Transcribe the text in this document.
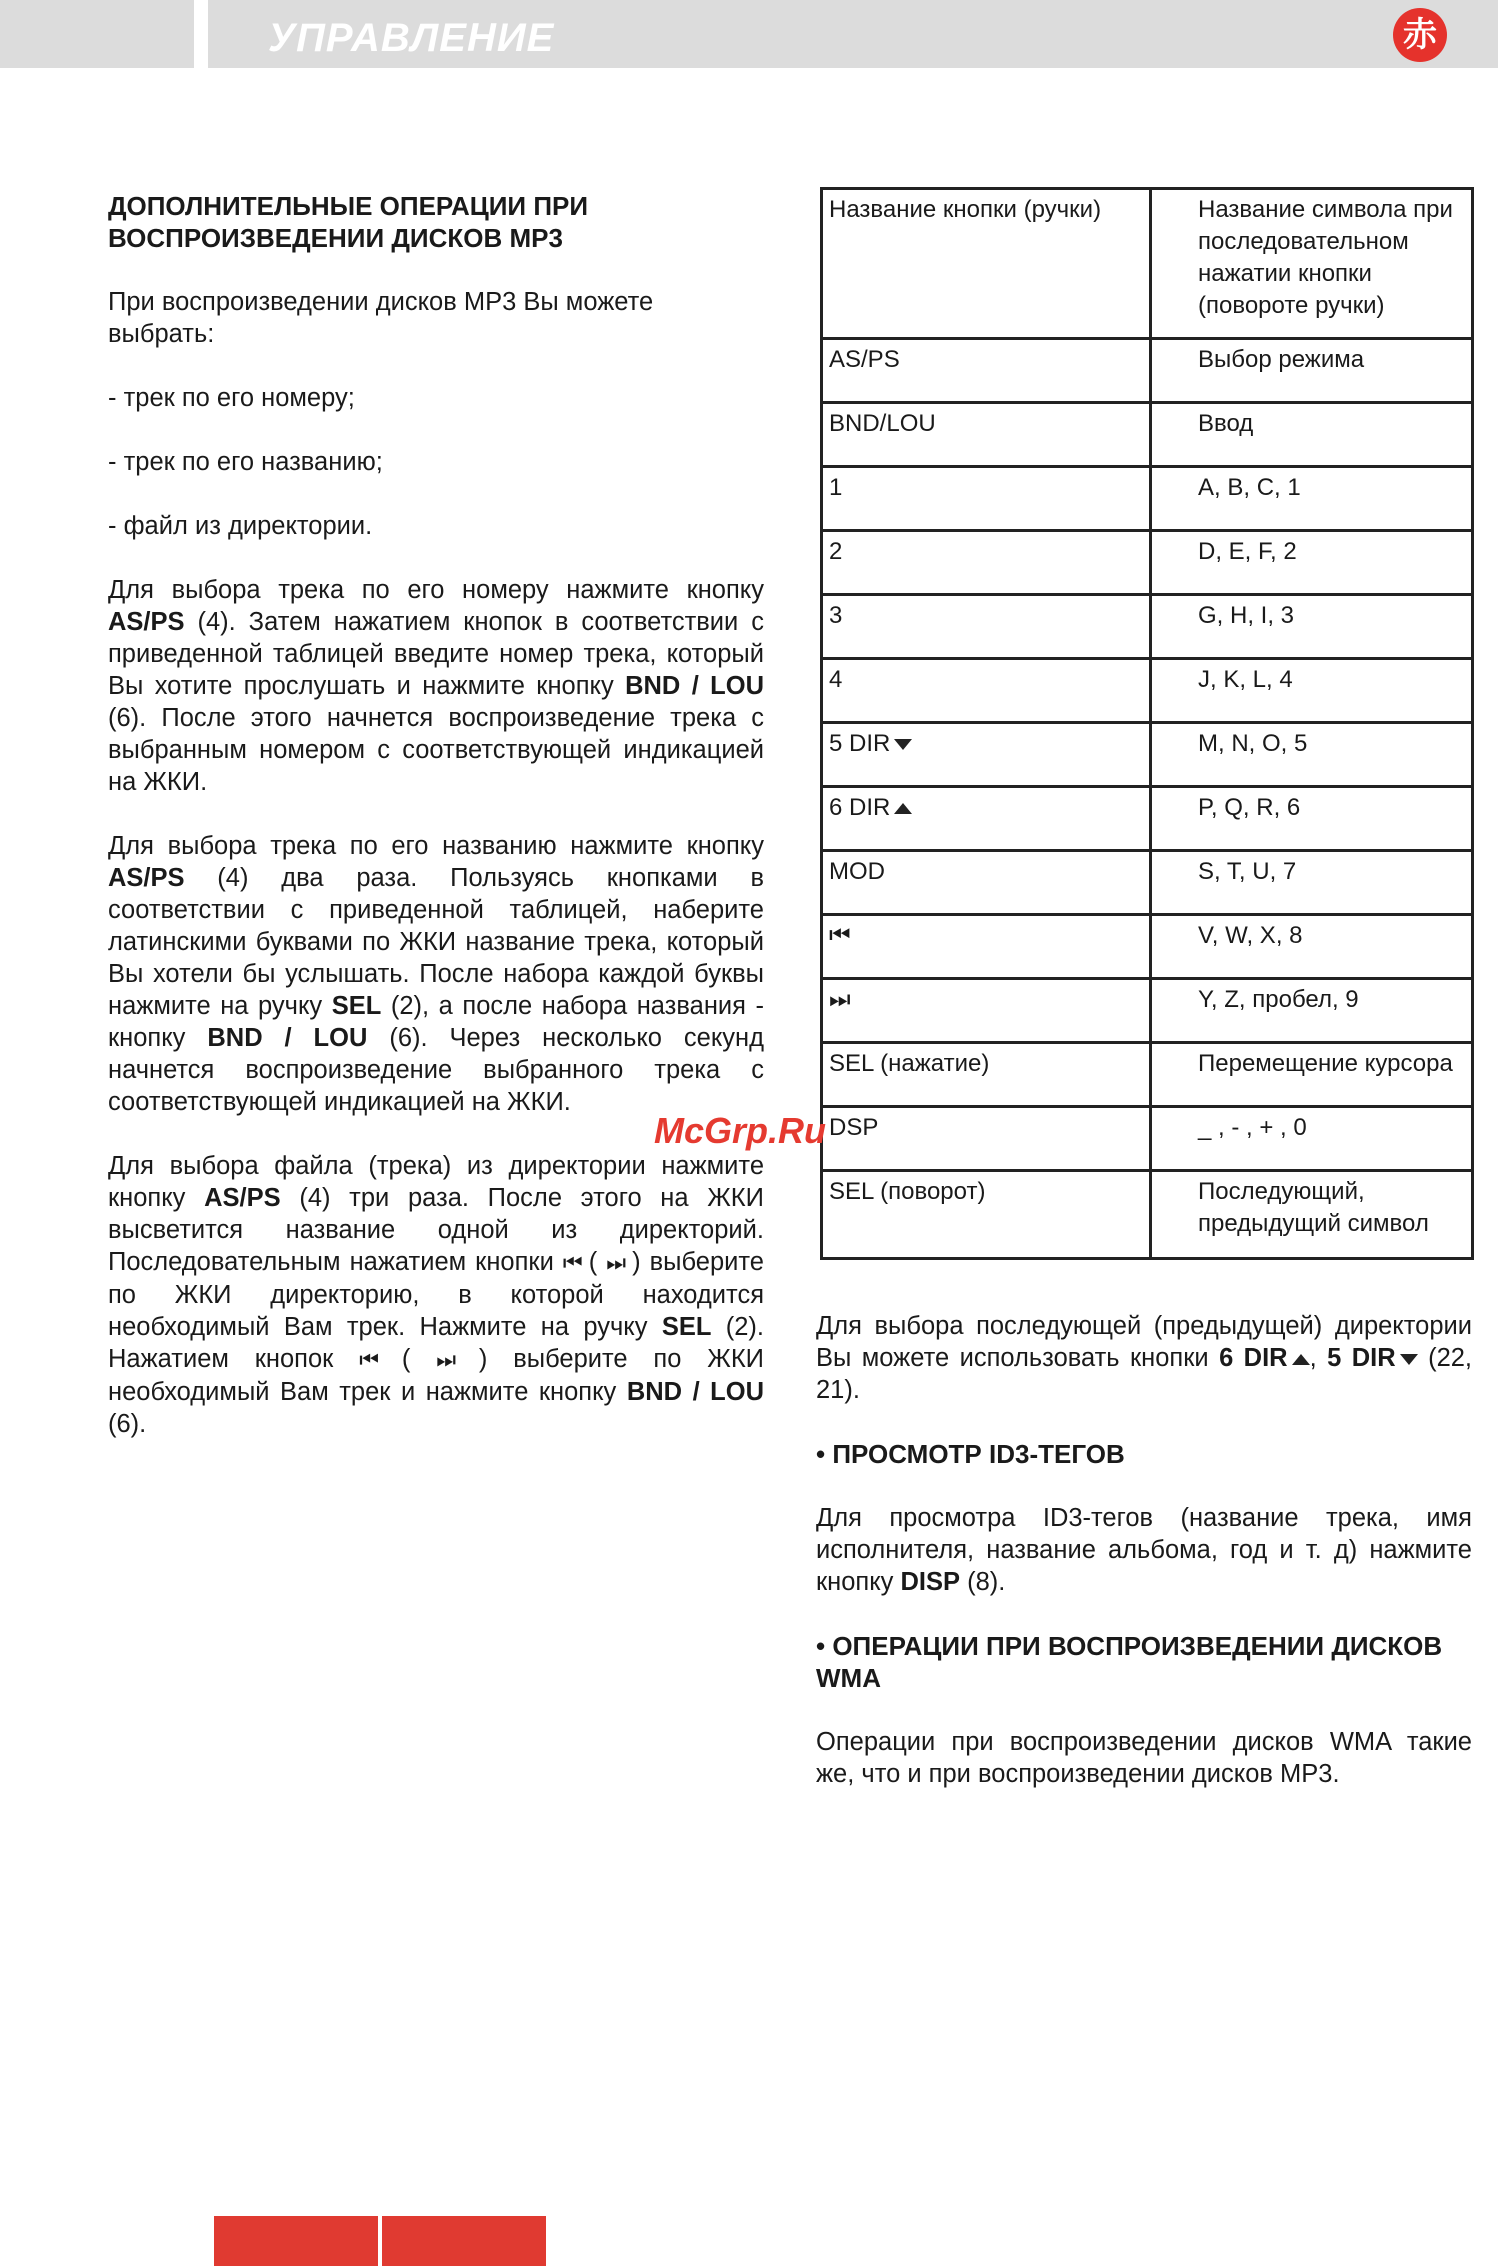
УПРАВЛЕНИЕ	赤
ДОПОЛНИТЕЛЬНЫЕ ОПЕРАЦИИ ПРИ ВОСПРОИЗВЕДЕНИИ ДИСКОВ MP3

При воспроизведении дисков MP3 Вы можете выбрать:

- трек по его номеру;

- трек по его названию;

- файл из директории.

Для выбора трека по его номеру нажмите кнопку AS/PS (4). Затем нажатием кнопок в соответствии с приведенной таблицей введите номер трека, который Вы хотите прослушать и нажмите кнопку BND / LOU (6). После этого начнется воспроизведение трека с выбранным номером с соответствующей индикацией на ЖКИ.

Для выбора трека по его названию нажмите кнопку AS/PS (4) два раза. Пользуясь кнопками в соответствии с приведенной таблицей, наберите латинскими буквами по ЖКИ название трека, который Вы хотели бы услышать. После набора каждой буквы нажмите на ручку SEL (2), а после набора названия - кнопку BND / LOU (6). Через несколько секунд начнется воспроизведение выбранного трека с соответствующей индикацией на ЖКИ.

Для выбора файла (трека) из директории нажмите кнопку AS/PS (4) три раза. После этого на ЖКИ высветится название одной из директорий. Последовательным нажатием кнопки ⏮ ( ⏭ ) выберите по ЖКИ директорию, в которой находится необходимый Вам трек. Нажмите на ручку SEL (2). Нажатием кнопок ⏮ ( ⏭ ) выберите по ЖКИ необходимый Вам трек и нажмите кнопку BND / LOU (6).

Название кнопки (ручки)	Название символа при последовательном нажатии кнопки (повороте ручки)
AS/PS	Выбор режима
BND/LOU	Ввод
1	A, B, C, 1
2	D, E, F, 2
3	G, H, I, 3
4	J, K, L, 4
5 DIR	M, N, O, 5
6 DIR	P, Q, R, 6
MOD	S, T, U, 7
⏮	V, W, X, 8
⏭	Y, Z, пробел, 9
SEL (нажатие)	Перемещение курсора
DSP	_ , - , + , 0
SEL (поворот)	Последующий, предыдущий символ

Для выбора последующей (предыдущей) директории Вы можете использовать кнопки 6 DIR , 5 DIR (22, 21).

• ПРОСМОТР ID3-ТЕГОВ

Для просмотра ID3-тегов (название трека, имя исполнителя, название альбома, год и т. д) нажмите кнопку DISP (8).

• ОПЕРАЦИИ ПРИ ВОСПРОИЗВЕДЕНИИ ДИСКОВ WMA

Операции при воспроизведении дисков WMA такие же, что и при воспроизведении дисков MP3.

McGrp.Ru
